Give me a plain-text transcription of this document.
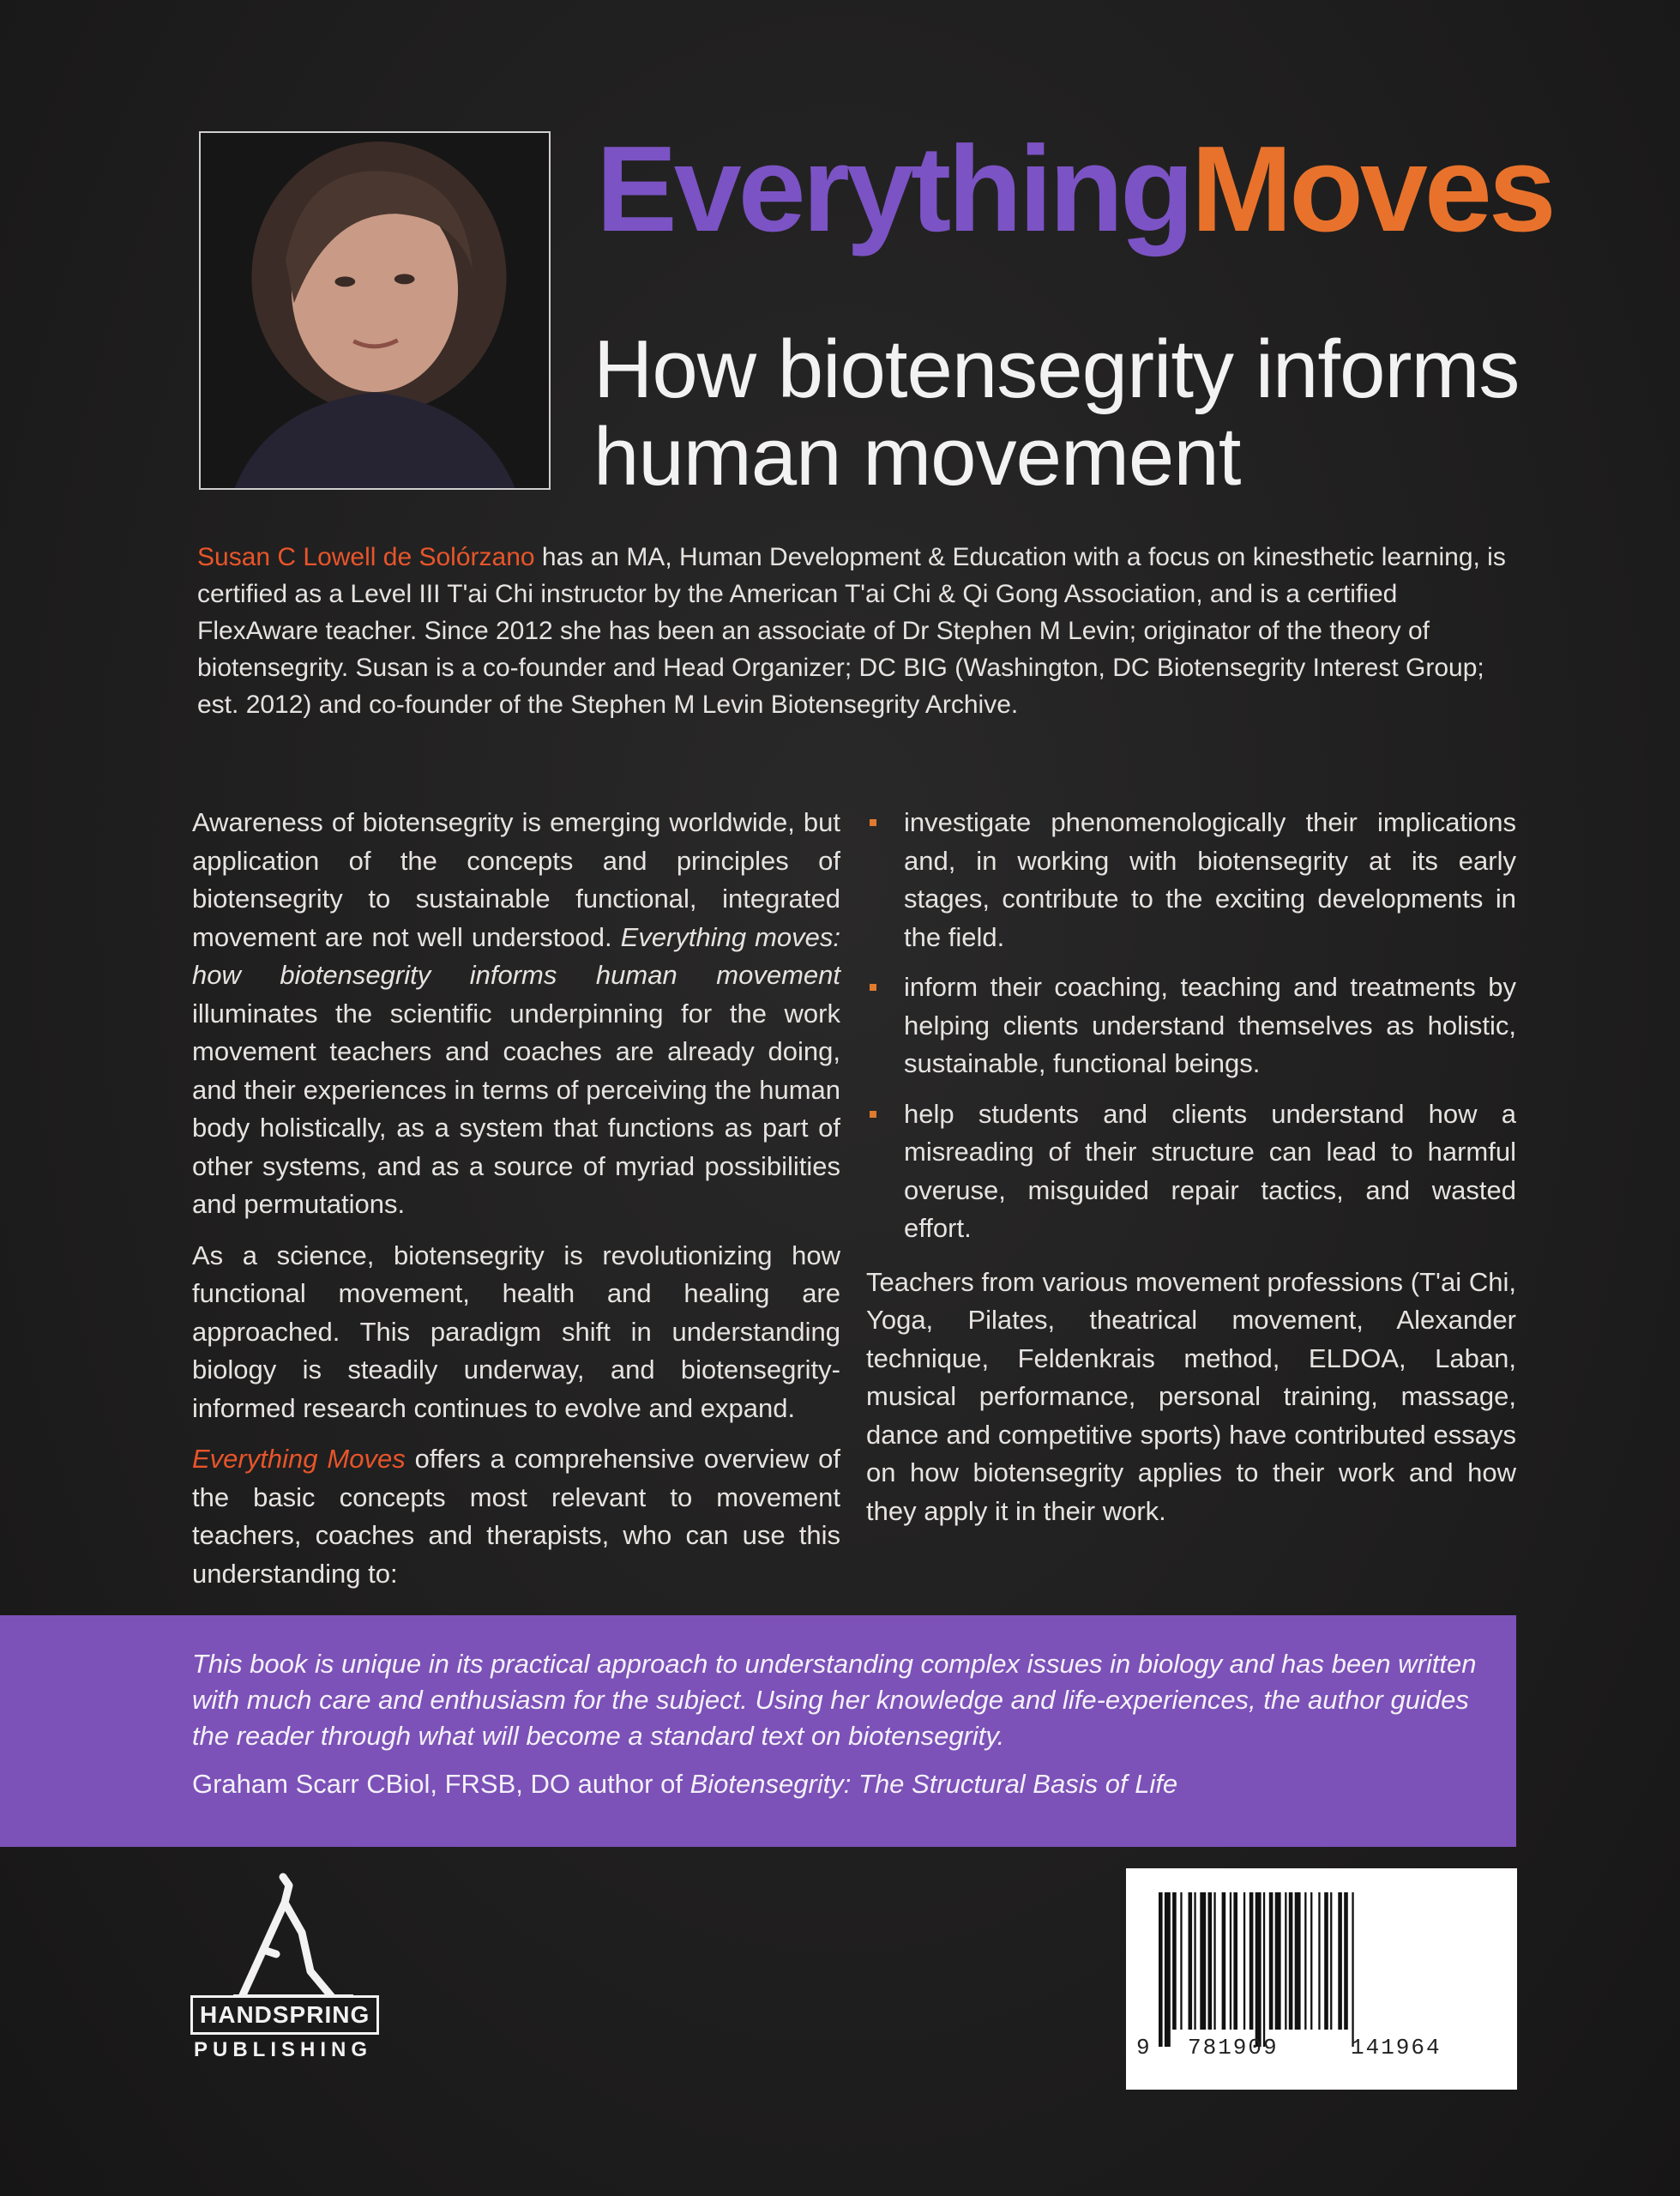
EverythingMoves
How biotensegrity informs human movement

Susan C Lowell de Solórzano has an MA, Human Development & Education with a focus on kinesthetic learning, is certified as a Level III T'ai Chi instructor by the American T'ai Chi & Qi Gong Association, and is a certified FlexAware teacher. Since 2012 she has been an associate of Dr Stephen M Levin; originator of the theory of biotensegrity. Susan is a co-founder and Head Organizer; DC BIG (Washington, DC Biotensegrity Interest Group; est. 2012) and co-founder of the Stephen M Levin Biotensegrity Archive.

Awareness of biotensegrity is emerging worldwide, but application of the concepts and principles of biotensegrity to sustainable functional, integrated movement are not well understood. Everything moves: how biotensegrity informs human movement illuminates the scientific underpinning for the work movement teachers and coaches are already doing, and their experiences in terms of perceiving the human body holistically, as a system that functions as part of other systems, and as a source of myriad possibilities and permutations.

As a science, biotensegrity is revolutionizing how functional movement, health and healing are approached. This paradigm shift in understanding biology is steadily underway, and biotensegrity-informed research continues to evolve and expand.

Everything Moves offers a comprehensive overview of the basic concepts most relevant to movement teachers, coaches and therapists, who can use this understanding to:

investigate phenomenologically their implications and, in working with biotensegrity at its early stages, contribute to the exciting developments in the field.
inform their coaching, teaching and treatments by helping clients understand themselves as holistic, sustainable, functional beings.
help students and clients understand how a misreading of their structure can lead to harmful overuse, misguided repair tactics, and wasted effort.

Teachers from various movement professions (T'ai Chi, Yoga, Pilates, theatrical movement, Alexander technique, Feldenkrais method, ELDOA, Laban, musical performance, personal training, massage, dance and competitive sports) have contributed essays on how biotensegrity applies to their work and how they apply it in their work.

This book is unique in its practical approach to understanding complex issues in biology and has been written with much care and enthusiasm for the subject. Using her knowledge and life-experiences, the author guides the reader through what will become a standard text on biotensegrity.

Graham Scarr CBiol, FRSB, DO author of Biotensegrity: The Structural Basis of Life

HANDSPRING
PUBLISHING	9 781909	141964
